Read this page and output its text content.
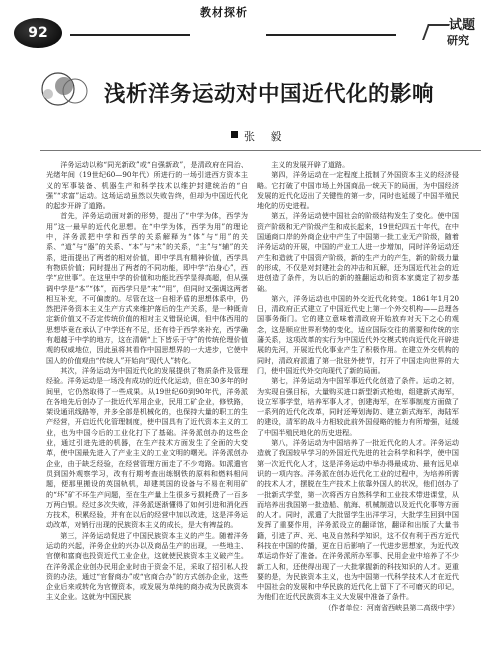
92
教材探析
试题
研究
浅析洋务运动对中国近代化的影响
张 毅

洋务运动以称“同光新政”或“自强新政”，是清政府在同治、光绪年间（19世纪60—90年代）所进行的一场引进西方资本主义的军事装备、机器生产和科学技术以维护封建统治的“自强”“求富”运动。这场运动虽然以失败告终，但却为中国近代化的起步开辟了道路。

首先，洋务运动面对新的形势，提出了“中学为体，西学为用”这一最早的近代化思想。在“中学为体，西学为用”的理论中，洋务派把中学和西学的关系解释为“体”与“用”的关系、“道”与“器”的关系、“本”与“末”的关系，“主”与“辅”的关系，进而提出了两者的相对价值，即中学具有精神价值，西学具有物质价值；同时提出了两者的不同功能，即中学“治身心”，西学“应世事”。在这里中学的价值和功能比西学显得高超，但从强调中学是“本”“体”，而西学只是“末”“用”，但同时又强调这两者相互补充，不可偏废的。尽管在这一自相矛盾的思想体系中，仍然把洋务资本主义生产方式来维护落后的生产关系，是一种既肯定新价值又不否定传统价值的相对主义错误论调，但中体西用的思想毕竟在承认了中学还有不足，还有待于西学来补充，西学确有超越于中学的地方，这在清朝“上下皆乐于守”的传统伦理价值观的权威地位，因此虽将其看作中国思想界的一大进步，它使中国人的价值观由“传统人”开始向“现代人”转化。

其次，洋务运动为中国近代化的发展提供了物质条件及管理经验。洋务运动是一场没有成功的近代化运动，但在30多年的时间里，它仍然取得了一些成果。从19世纪60到90年代，洋务派在各地先后创办了一批近代军用企业，民用工矿企业，修铁路，架设通讯线路等，并多全部是机械化的，也保持大量的职工的生产经营，开启近代化管理制度，使中国具有了近代资本主义的工业，也为中国今后的工业化打下了基础。洋务派创办的这些企业，通过引进先进的机器，在生产技术方面发生了全面的大变革，使中国最先进入了产业主义的工业文明的曙光。洋务派创办企业，由于缺乏经验，在经营管理方面走了不少弯路。如派遣官员到国外观察学习，改有行期考查出练钢铁的原料和燃料相问题，便那里搬设的英国轨机，却建英国的设备与不易在利用矿的“坏”矿不坏生产问题，至在生产量上生很多亏损耗费了一百多万两白银。经过多次失败，洋务派逐渐懂得了如何引进和消化西方技术，积累经验，并有在以后的经营中加以改进，这是洋务运动改革，对销行出现的民族资本主义的成长，是大有裨益的。

第三，洋务运动促进了中国民族资本主义的产生。随着洋务运动的兴起，洋务企业的兴办以及商品生产的出现，一些地主、官僚和富商也投资近代工业企业，这就使民族资本主义破产生。在洋务派企业创办民用企业时由于资金不足，采取了招引私人投资的办法，通过“官督商办”或“官商合办”的方式创办企业，这些企业后来或转化为官僚资本，或发展为单纯的商办成为民族资本主义企业。这就为中国民族

主义的发展开辟了道路。

第四，洋务运动在一定程度上抵制了外国资本主义的经济侵略。它打破了中国市场上外国商品一统天下的局面，为中国经济发展的近代化迈出了关键性的第一步，同时也延缓了中国半殖民地化的历史进程。

第五，洋务运动使中国社会的阶级结构发生了变化。使中国资产阶级和无产阶级产生和成长起来，19世纪四五十年代，在中国通商口岸的外商企业中产生了中国第一批工业无产阶级，随着洋务运动的开展，中国的产业工人进一步增加，同时洋务运动还产生和造就了中国资产阶级，新的生产力的产生，新的阶级力量的形成，不仅是对封建社会的冲击和瓦解，还为国近代社会的近进创造了条件，为以后的新的推翻运动和资本家奠定了初步基础。

第六，洋务运动也中国的外交近代化转变。1861年1月20日，清政府正式建立了中国近代史上第一个外交机构——总理各国事务衙门。它的建立意味着清政府开始放弃对天下之心的观念，这是顺应世界形势的变化，适应国际交往的需要和传统的宗藩关系，这项改革的实行为中国近代外交模式转向近代化开辟进展的先河，开展近代化事业产生了积极作用。在建立外交机构的同时，清政府派遣了第一批驻外使节，打开了中国走向世界的大门，使中国近代外交向现代了新的局面。

第七，洋务运动为中国军事近代化创造了条件。运动之初，为实现自强目标，大量购买进口新型新式枪炮，组建新式海军，设立军事学堂，培养军事人才，创建海军，在军事制度方面做了一系列的近代化改革，同时还筹划海防、建立新式海军，海陆军的建设，清军的战斗力相较此前外国侵略的能力有所增强，延缓了中国半殖民地化的历史进程。

第八，洋务运动为中国培养了一批近代化的人才。洋务运动造就了我国较早学习的外国近代先进的社会科学和科学，使中国第一次近代化人才，这是洋务运动中举办得最成功、最有远见卓识的一项内容。洋务派在创办近代化工业的过程中，为培养所需的技术人才，摆脱在生产技术上依靠外国人的状况，他们创办了一批新式学堂，第一次将西方自然科学和工业技术带进课堂，从而培养出我国第一批造船、航海、机械制造以及近代化事等方面的人才。同时，派遣了大批留学生出洋学习，大批学生回到中国发挥了重要作用，洋务派设立的翻译馆，翻译和出版了大量书籍，引进了声、光、电及自然科学知识，这不仅有利于西方近代科技在中国的传播，更在日后影响了一代进步思想家，为近代改革运动作好了准备。在洋务派所办军事、民用企业中培养了不少新工人和，还使得出现了一大批掌握新的科技知识的人才。更重要的是，为民族资本主义，也为中国第一代科学技术人才在近代中国社会的发展和中华民族的近代化上留下了不可磨灭的印记，为他们在近代民族资本主义大发展中准备了条件。

（作者单位：河南省西峡县第二高级中学）
